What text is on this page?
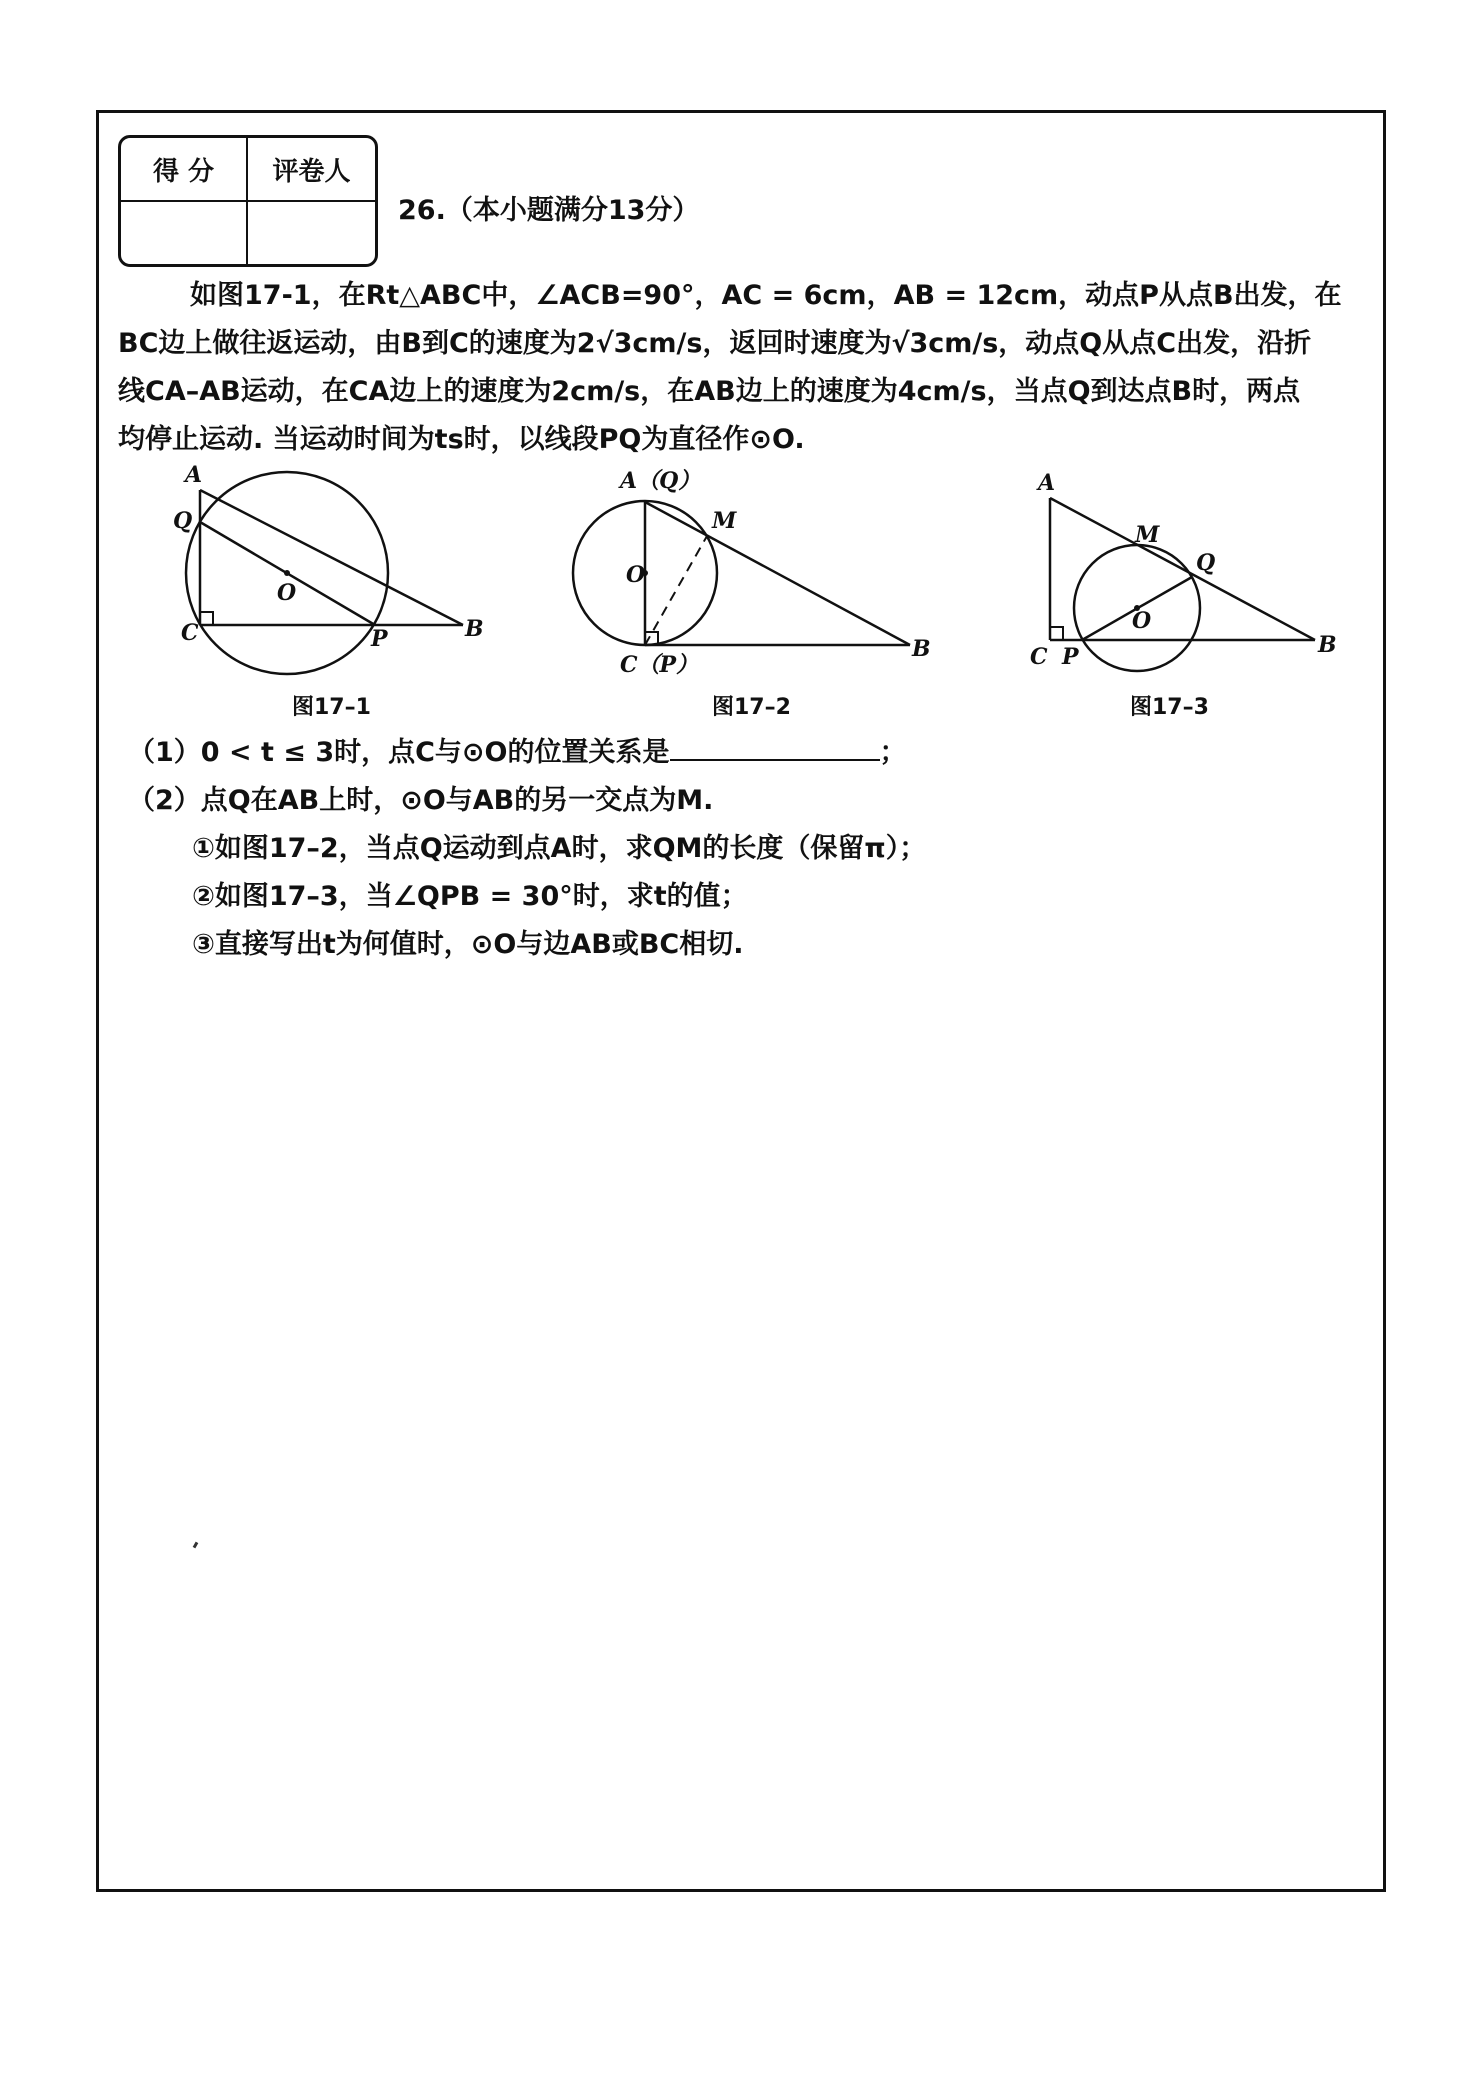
得 分	评卷人
26.（本小题满分13分）

如图17-1，在Rt△ABC中，∠ACB=90°，AC = 6cm，AB = 12cm，动点P从点B出发，在

BC边上做往返运动，由B到C的速度为2√3cm/s，返回时速度为√3cm/s，动点Q从点C出发，沿折

线CA–AB运动，在CA边上的速度为2cm/s，在AB边上的速度为4cm/s，当点Q到达点B时，两点

均停止运动. 当运动时间为ts时，以线段PQ为直径作⊙O.

A
Q
O
C	P	B
图17–1
A（Q）
M
O
C（P）
B
图17–2
A
M
Q
O
C P	B
图17–3
（1）0 < t ≤ 3时，点C与⊙O的位置关系是	；
（2）点Q在AB上时，⊙O与AB的另一交点为M.
①如图17–2，当点Q运动到点A时，求QM的长度（保留π）；
②如图17–3，当∠QPB = 30°时，求t的值；
③直接写出t为何值时，⊙O与边AB或BC相切.
